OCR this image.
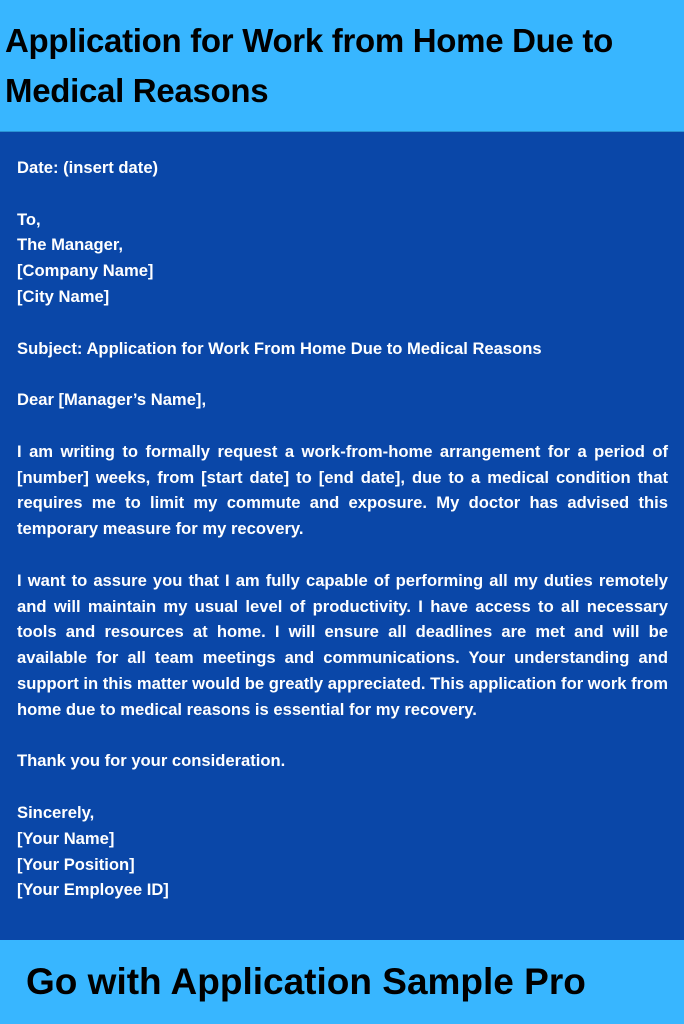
Application for Work from Home Due to Medical Reasons

Date: (insert date)

To,
The Manager,
[Company Name]
[City Name]

Subject: Application for Work From Home Due to Medical Reasons

Dear [Manager’s Name],

I am writing to formally request a work-from-home arrangement for a period of [number] weeks, from [start date] to [end date], due to a medical condition that requires me to limit my commute and exposure. My doctor has advised this temporary measure for my recovery.

I want to assure you that I am fully capable of performing all my duties remotely and will maintain my usual level of productivity. I have access to all necessary tools and resources at home. I will ensure all deadlines are met and will be available for all team meetings and communications. Your understanding and support in this matter would be greatly appreciated. This application for work from home due to medical reasons is essential for my recovery.

Thank you for your consideration.

Sincerely,
[Your Name]
[Your Position]
[Your Employee ID]

Go with Application Sample Pro
